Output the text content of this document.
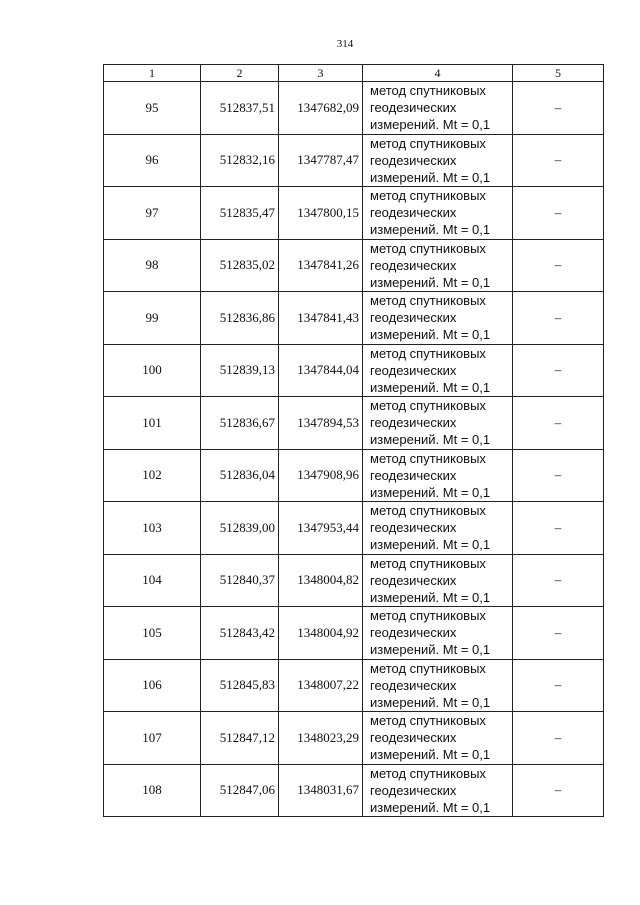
314
1	2	3	4	5
95	512837,51	1347682,09	метод спутниковых
геодезических
измерений. Mt = 0,1	–
96	512832,16	1347787,47	метод спутниковых
геодезических
измерений. Mt = 0,1	–
97	512835,47	1347800,15	метод спутниковых
геодезических
измерений. Mt = 0,1	–
98	512835,02	1347841,26	метод спутниковых
геодезических
измерений. Mt = 0,1	–
99	512836,86	1347841,43	метод спутниковых
геодезических
измерений. Mt = 0,1	–
100	512839,13	1347844,04	метод спутниковых
геодезических
измерений. Mt = 0,1	–
101	512836,67	1347894,53	метод спутниковых
геодезических
измерений. Mt = 0,1	–
102	512836,04	1347908,96	метод спутниковых
геодезических
измерений. Mt = 0,1	–
103	512839,00	1347953,44	метод спутниковых
геодезических
измерений. Mt = 0,1	–
104	512840,37	1348004,82	метод спутниковых
геодезических
измерений. Mt = 0,1	–
105	512843,42	1348004,92	метод спутниковых
геодезических
измерений. Mt = 0,1	–
106	512845,83	1348007,22	метод спутниковых
геодезических
измерений. Mt = 0,1	–
107	512847,12	1348023,29	метод спутниковых
геодезических
измерений. Mt = 0,1	–
108	512847,06	1348031,67	метод спутниковых
геодезических
измерений. Mt = 0,1	–
